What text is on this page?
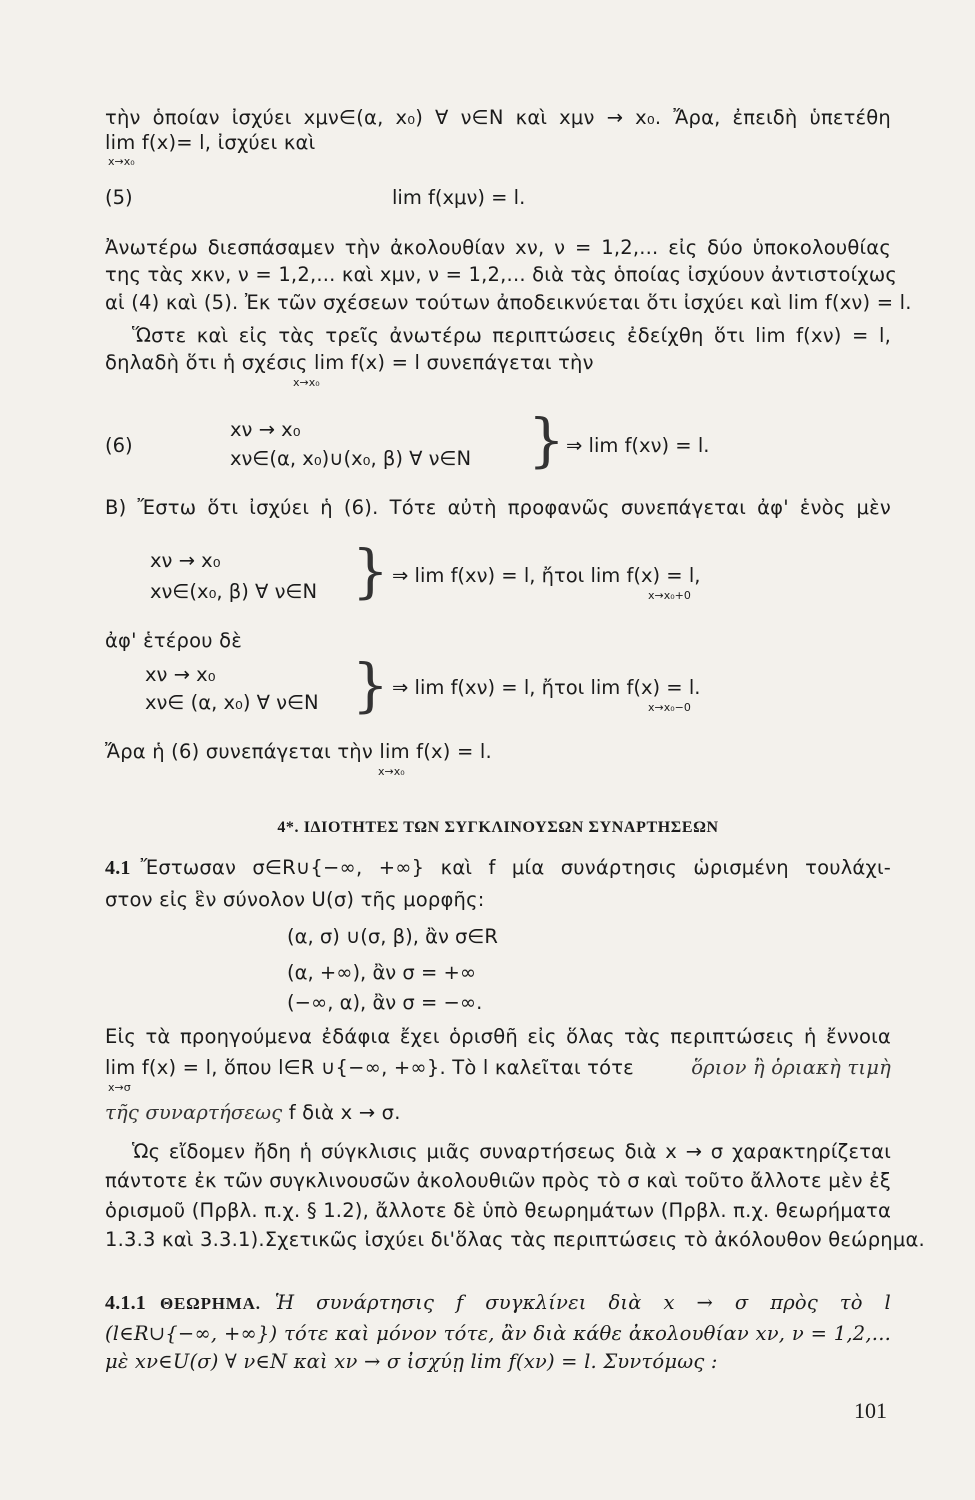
τὴν ὁποίαν ἰσχύει xμν∈(α, x₀) ∀ ν∈N καὶ xμν → x₀. Ἄρα, ἐπειδὴ ὑπετέθη
lim f(x)= l, ἰσχύει καὶ
x→x₀
(5)	lim f(xμν) = l.
Ἀνωτέρω διεσπάσαμεν τὴν ἀκολουθίαν xν, ν = 1,2,... εἰς δύο ὑποκολουθίας
της τὰς xκν, ν = 1,2,... καὶ xμν, ν = 1,2,... διὰ τὰς ὁποίας ἰσχύουν ἀντιστοίχως
αἱ (4) καὶ (5). Ἐκ τῶν σχέσεων τούτων ἀποδεικνύεται ὅτι ἰσχύει καὶ lim f(xν) = l.
Ὥστε καὶ εἰς τὰς τρεῖς ἀνωτέρω περιπτώσεις ἐδείχθη ὅτι lim f(xν) = l,
δηλαδὴ ὅτι ἡ σχέσις lim f(x) = l συνεπάγεται τὴν
x→x₀
(6)
xν → x₀
xν∈(α, x₀)∪(x₀, β) ∀ ν∈N } ⇒ lim f(xν) = l.
B) Ἔστω ὅτι ἰσχύει ἡ (6). Τότε αὐτὴ προφανῶς συνεπάγεται ἀφ' ἑνὸς μὲν
xν → x₀
xν∈(x₀, β) ∀ ν∈N } ⇒ lim f(xν) = l, ἤτοι lim f(x) = l,
x→x₀+0
ἀφ' ἑτέρου δὲ
xν → x₀
xν∈ (α, x₀) ∀ ν∈N } ⇒ lim f(xν) = l, ἤτοι lim f(x) = l.
x→x₀−0
Ἄρα ἡ (6) συνεπάγεται τὴν lim f(x) = l.
x→x₀
4*. ΙΔΙΟΤΗΤΕΣ ΤΩΝ ΣΥΓΚΛΙΝΟΥΣΩΝ ΣΥΝΑΡΤΗΣΕΩΝ
4.1 Ἔστωσαν σ∈R∪{−∞, +∞} καὶ f μία συνάρτησις ὡρισμένη τουλάχι-
στον εἰς ἓν σύνολον U(σ) τῆς μορφῆς:
(α, σ) ∪(σ, β), ἂν σ∈R
(α, +∞), ἂν σ = +∞
(−∞, α), ἂν σ = −∞.
Εἰς τὰ προηγούμενα ἐδάφια ἔχει ὁρισθῆ εἰς ὅλας τὰς περιπτώσεις ἡ ἔννοια
lim f(x) = l, ὅπου l∈R ∪{−∞, +∞}. Τὸ l καλεῖται τότε	ὅριον ἢ ὁριακὴ τιμὴ
x→σ
τῆς συναρτήσεως f διὰ x → σ.
Ὡς εἴδομεν ἤδη ἡ σύγκλισις μιᾶς συναρτήσεως διὰ x → σ χαρακτηρίζεται
πάντοτε ἐκ τῶν συγκλινουσῶν ἀκολουθιῶν πρὸς τὸ σ καὶ τοῦτο ἄλλοτε μὲν ἐξ
ὁρισμοῦ (Πρβλ. π.χ. § 1.2), ἄλλοτε δὲ ὑπὸ θεωρημάτων (Πρβλ. π.χ. θεωρήματα
1.3.3 καὶ 3.3.1).Σχετικῶς ἰσχύει δι'ὅλας τὰς περιπτώσεις τὸ ἀκόλουθον θεώρημα.
4.1.1 ΘΕΩΡΗΜΑ. Ἡ συνάρτησις f συγκλίνει διὰ x → σ πρὸς τὸ l
(l∈R∪{−∞, +∞}) τότε καὶ μόνον τότε, ἂν διὰ κάθε ἀκολουθίαν xν, ν = 1,2,...
μὲ xν∈U(σ) ∀ ν∈N καὶ xν → σ ἰσχύῃ lim f(xν) = l. Συντόμως :
101
